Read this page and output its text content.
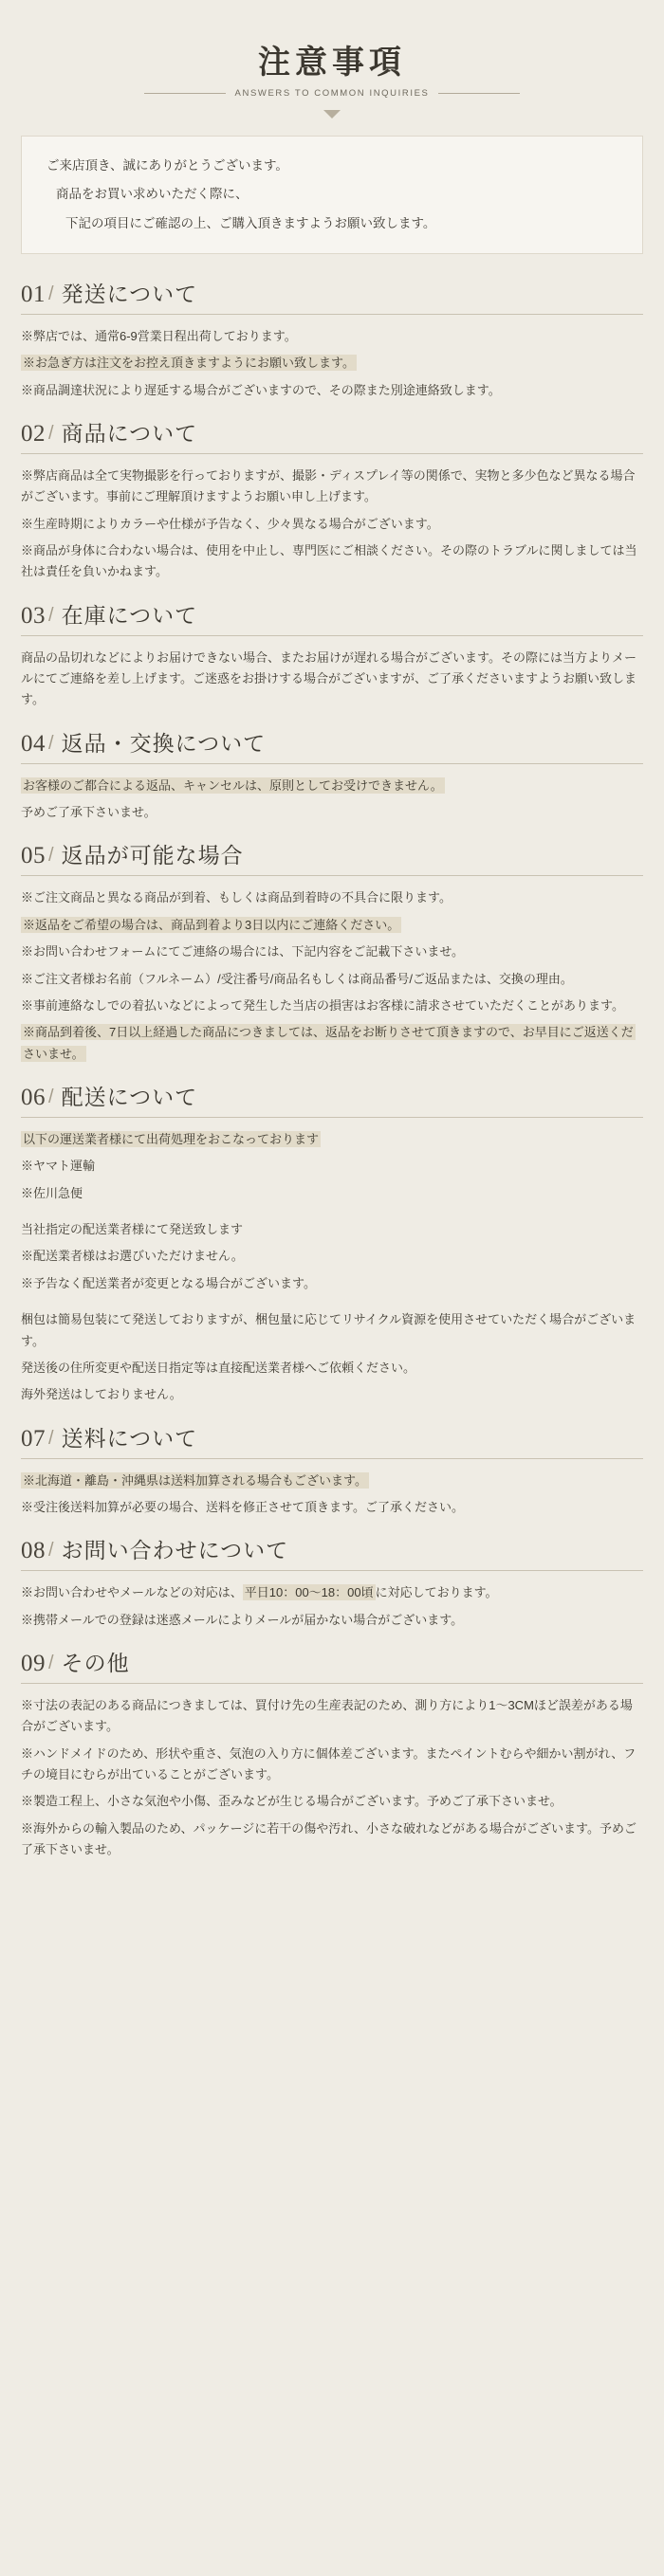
注意事項
ANSWERS TO COMMON INQUIRIES

ご来店頂き、誠にありがとうございます。

商品をお買い求めいただく際に、

下記の項目にご確認の上、ご購入頂きますようお願い致します。

01 / 発送について

※弊店では、通常6-9営業日程出荷しております。

※お急ぎ方は注文をお控え頂きますようにお願い致します。

※商品調達状況により遅延する場合がございますので、その際また別途連絡致します。

02 / 商品について

※弊店商品は全て実物撮影を行っておりますが、撮影・ディスプレイ等の関係で、実物と多少色など異なる場合がございます。事前にご理解頂けますようお願い申し上げます。

※生産時期によりカラーや仕様が予告なく、少々異なる場合がございます。

※商品が身体に合わない場合は、使用を中止し、専門医にご相談ください。その際のトラブルに関しましては当社は責任を負いかねます。

03 / 在庫について

商品の品切れなどによりお届けできない場合、またお届けが遅れる場合がございます。その際には当方よりメールにてご連絡を差し上げます。ご迷惑をお掛けする場合がございますが、ご了承くださいますようお願い致します。

04 / 返品・交換について

お客様のご都合による返品、キャンセルは、原則としてお受けできません。

予めご了承下さいませ。

05 / 返品が可能な場合

※ご注文商品と異なる商品が到着、もしくは商品到着時の不具合に限ります。

※返品をご希望の場合は、商品到着より3日以内にご連絡ください。

※お問い合わせフォームにてご連絡の場合には、下記内容をご記載下さいませ。

※ご注文者様お名前（フルネーム）/受注番号/商品名もしくは商品番号/ご返品または、交換の理由。

※事前連絡なしでの着払いなどによって発生した当店の損害はお客様に請求させていただくことがあります。

※商品到着後、7日以上経過した商品につきましては、返品をお断りさせて頂きますので、お早目にご返送くださいませ。

06 / 配送について

以下の運送業者様にて出荷処理をおこなっております

※ヤマト運輸

※佐川急便

当社指定の配送業者様にて発送致します

※配送業者様はお選びいただけません。

※予告なく配送業者が変更となる場合がございます。

梱包は簡易包装にて発送しておりますが、梱包量に応じてリサイクル資源を使用させていただく場合がございます。

発送後の住所変更や配送日指定等は直接配送業者様へご依頼ください。

海外発送はしておりません。

07 / 送料について

※北海道・離島・沖縄県は送料加算される場合もございます。

※受注後送料加算が必要の場合、送料を修正させて頂きます。ご了承ください。

08 / お問い合わせについて

※お問い合わせやメールなどの対応は、 平日10：00～18：00頃 に対応しております。

※携帯メールでの登録は迷惑メールによりメールが届かない場合がございます。

09 / その他

※寸法の表記のある商品につきましては、買付け先の生産表記のため、測り方により1～3CMほど誤差がある場合がございます。

※ハンドメイドのため、形状や重さ、気泡の入り方に個体差ございます。またペイントむらや細かい割がれ、フチの境目にむらが出ていることがございます。

※製造工程上、小さな気泡や小傷、歪みなどが生じる場合がございます。予めご了承下さいませ。

※海外からの輸入製品のため、パッケージに若干の傷や汚れ、小さな破れなどがある場合がございます。予めご了承下さいませ。
